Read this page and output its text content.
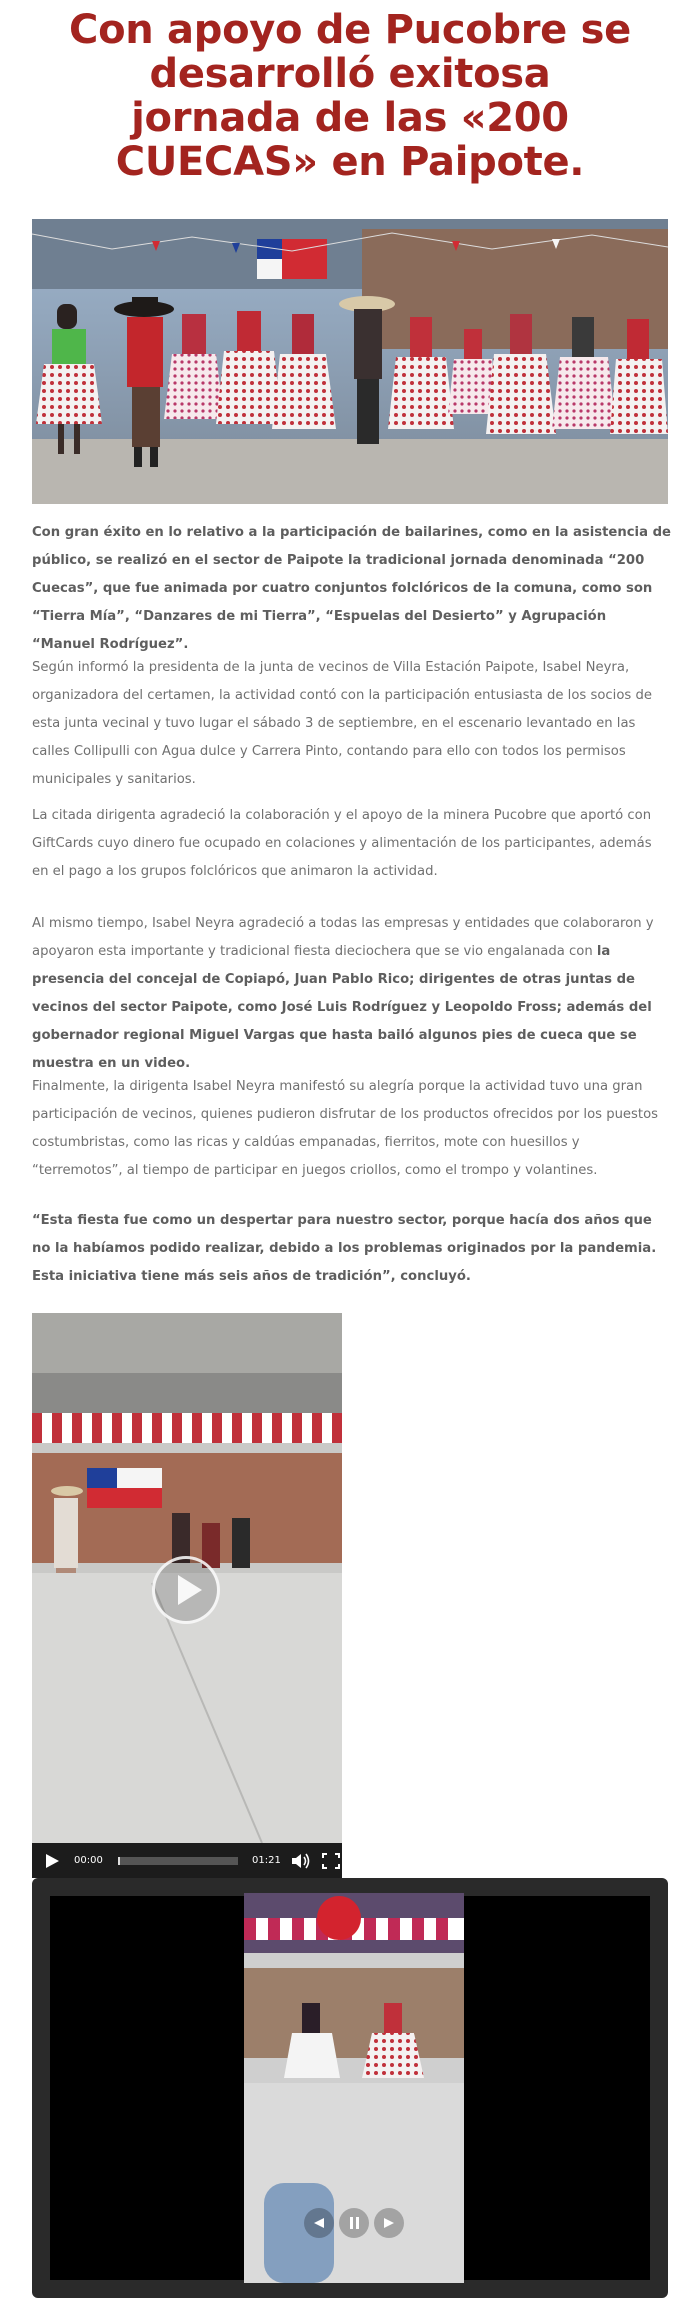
Con apoyo de Pucobre se desarrolló exitosa jornada de las «200 CUECAS» en Paipote.

Con gran éxito en lo relativo a la participación de bailarines, como en la asistencia de público, se realizó en el sector de Paipote la tradicional jornada denominada “200 Cuecas”, que fue animada por cuatro conjuntos folclóricos de la comuna, como son “Tierra Mía”, “Danzares de mi Tierra”, “Espuelas del Desierto” y Agrupación “Manuel Rodríguez”.

Según informó la presidenta de la junta de vecinos de Villa Estación Paipote, Isabel Neyra, organizadora del certamen, la actividad contó con la participación entusiasta de los socios de esta junta vecinal y tuvo lugar el sábado 3 de septiembre, en el escenario levantado en las calles Collipulli con Agua dulce y Carrera Pinto, contando para ello con todos los permisos municipales y sanitarios.

La citada dirigenta agradeció la colaboración y el apoyo de la minera Pucobre que aportó con GiftCards cuyo dinero fue ocupado en colaciones y alimentación de los participantes, además en el pago a los grupos folclóricos que animaron la actividad.

Al mismo tiempo, Isabel Neyra agradeció a todas las empresas y entidades que colaboraron y apoyaron esta importante y tradicional fiesta dieciochera que se vio engalanada con la presencia del concejal de Copiapó, Juan Pablo Rico; dirigentes de otras juntas de vecinos del sector Paipote, como José Luis Rodríguez y Leopoldo Fross; además del gobernador regional Miguel Vargas que hasta bailó algunos pies de cueca que se muestra en un video.

Finalmente, la dirigenta Isabel Neyra manifestó su alegría porque la actividad tuvo una gran participación de vecinos, quienes pudieron disfrutar de los productos ofrecidos por los puestos costumbristas, como las ricas y caldúas empanadas, fierritos, mote con huesillos y “terremotos”, al tiempo de participar en juegos criollos, como el trompo y volantines.

“Esta fiesta fue como un despertar para nuestro sector, porque hacía dos años que no la habíamos podido realizar, debido a los problemas originados por la pandemia. Esta iniciativa tiene más seis años de tradición”, concluyó.

00:00	01:21
